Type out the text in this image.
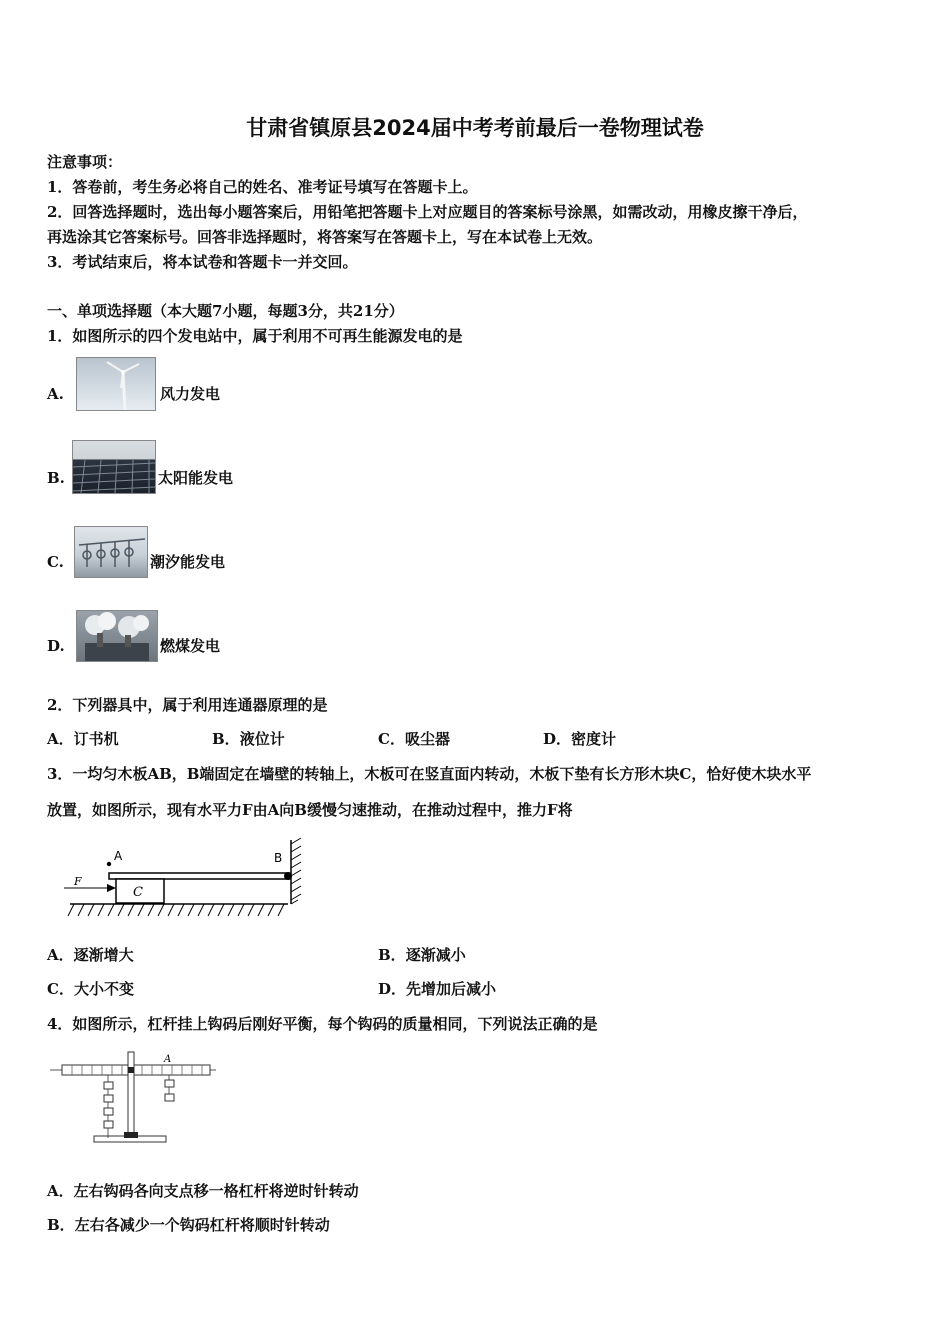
甘肃省镇原县2024届中考考前最后一卷物理试卷
注意事项：
1．答卷前，考生务必将自己的姓名、准考证号填写在答题卡上。
2．回答选择题时，选出每小题答案后，用铅笔把答题卡上对应题目的答案标号涂黑，如需改动，用橡皮擦干净后，
再选涂其它答案标号。回答非选择题时，将答案写在答题卡上，写在本试卷上无效。
3．考试结束后，将本试卷和答题卡一并交回。
一、单项选择题（本大题7小题，每题3分，共21分）
1．如图所示的四个发电站中，属于利用不可再生能源发电的是
A.	风力发电
B.	太阳能发电
C.	潮汐能发电
D.	燃煤发电
2．下列器具中，属于利用连通器原理的是
A．订书机	B．液位计	C．吸尘器	D．密度计
3．一均匀木板AB，B端固定在墙壁的转轴上，木板可在竖直面内转动，木板下垫有长方形木块C，恰好使木块水平
放置，如图所示，现有水平力F由A向B缓慢匀速推动，在推动过程中，推力F将
A	B
C
F
A．逐渐增大	B．逐渐减小
C．大小不变	D．先增加后减小
4．如图所示，杠杆挂上钩码后刚好平衡，每个钩码的质量相同，下列说法正确的是
A
A．左右钩码各向支点移一格杠杆将逆时针转动
B．左右各减少一个钩码杠杆将顺时针转动
